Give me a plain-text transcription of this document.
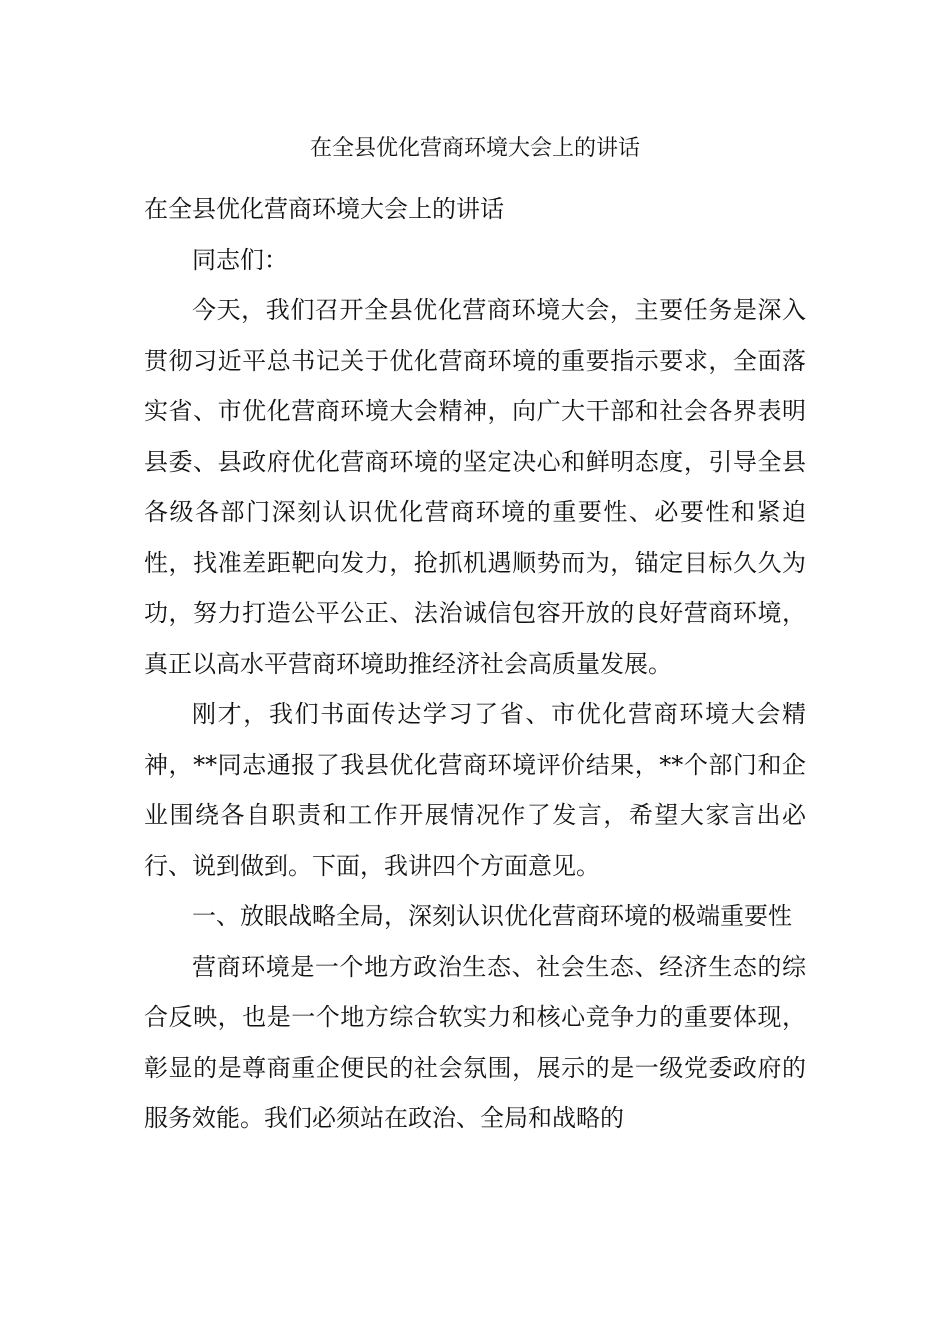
在全县优化营商环境大会上的讲话

在全县优化营商环境大会上的讲话

同志们：

今天，我们召开全县优化营商环境大会，主要任务是深入贯彻习近平总书记关于优化营商环境的重要指示要求，全面落实省、市优化营商环境大会精神，向广大干部和社会各界表明县委、县政府优化营商环境的坚定决心和鲜明态度，引导全县各级各部门深刻认识优化营商环境的重要性、必要性和紧迫性，找准差距靶向发力，抢抓机遇顺势而为，锚定目标久久为功，努力打造公平公正、法治诚信包容开放的良好营商环境，真正以高水平营商环境助推经济社会高质量发展。

刚才，我们书面传达学习了省、市优化营商环境大会精神，**同志通报了我县优化营商环境评价结果，**个部门和企业围绕各自职责和工作开展情况作了发言，希望大家言出必行、说到做到。下面，我讲四个方面意见。

一、放眼战略全局，深刻认识优化营商环境的极端重要性

营商环境是一个地方政治生态、社会生态、经济生态的综合反映，也是一个地方综合软实力和核心竞争力的重要体现，彰显的是尊商重企便民的社会氛围，展示的是一级党委政府的服务效能。我们必须站在政治、全局和战略的
